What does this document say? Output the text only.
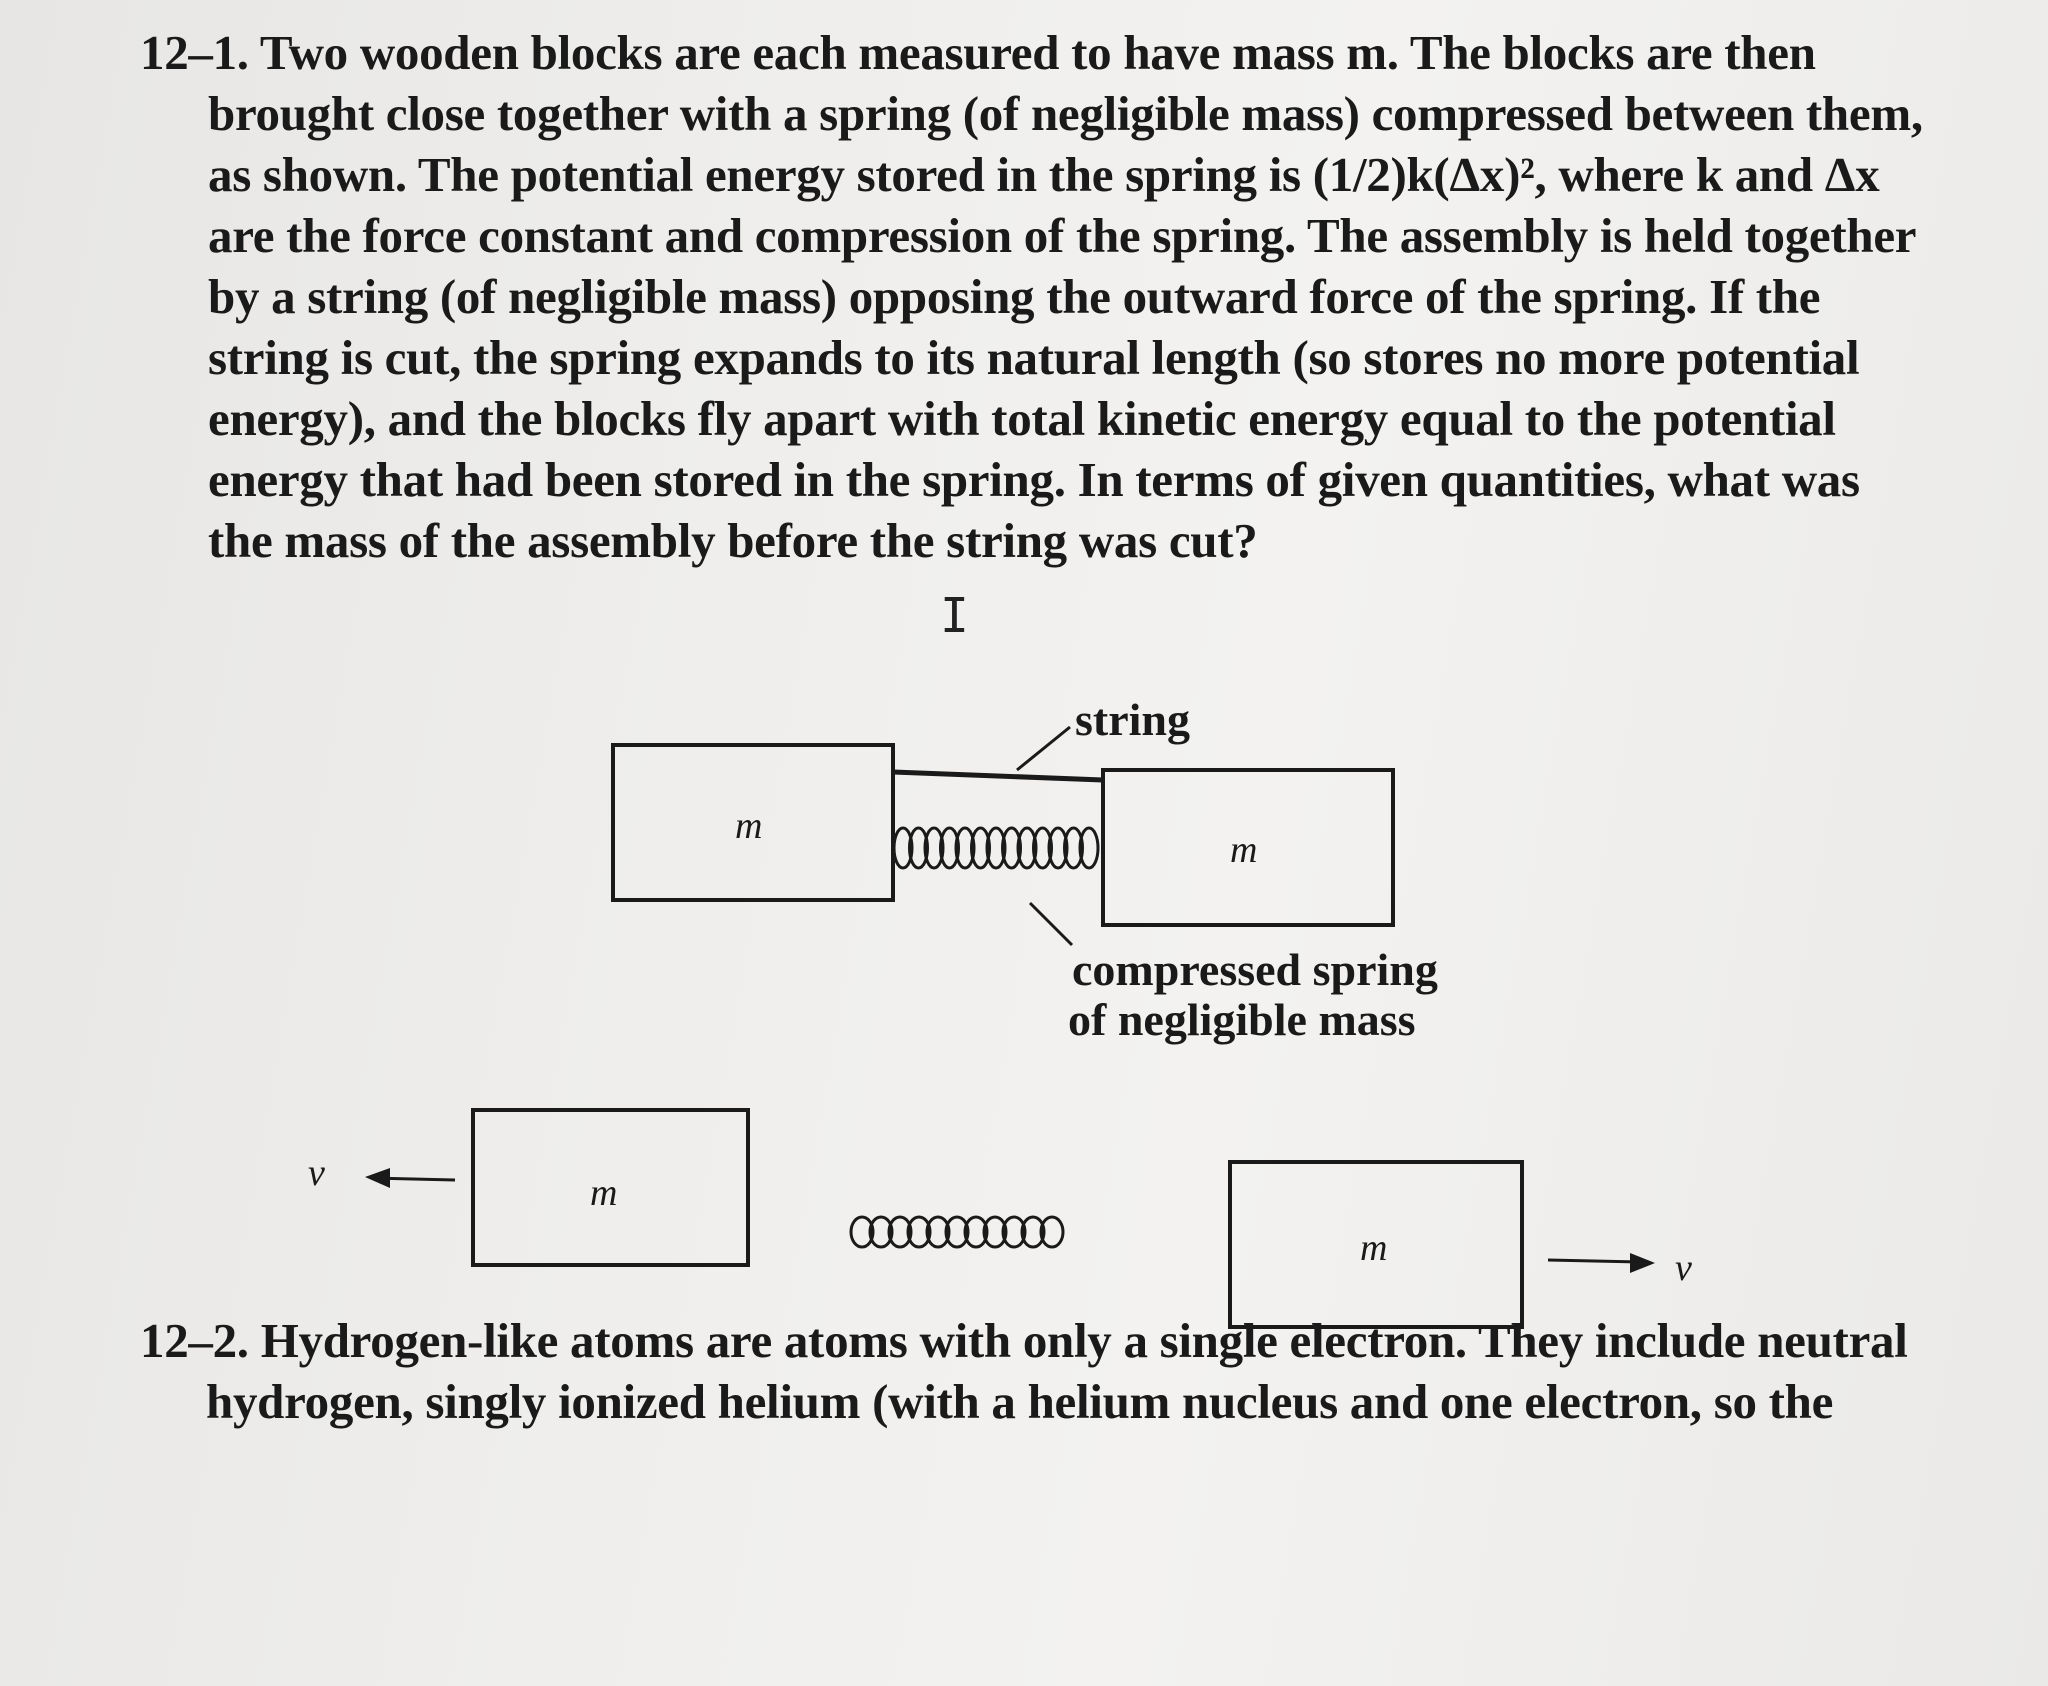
12–1. Two wooden blocks are each measured to have mass m. The blocks are then
brought close together with a spring (of negligible mass) compressed between them,
as shown. The potential energy stored in the spring is (1/2)k(Δx)², where k and Δx
are the force constant and compression of the spring. The assembly is held together
by a string (of negligible mass) opposing the outward force of the spring. If the
string is cut, the spring expands to its natural length (so stores no more potential
energy), and the blocks fly apart with total kinetic energy equal to the potential
energy that had been stored in the spring. In terms of given quantities, what was
the mass of the assembly before the string was cut?
I
m
m
string
compressed spring
of negligible mass
v	m
m	v
12–2. Hydrogen-like atoms are atoms with only a single electron. They include neutral
hydrogen, singly ionized helium (with a helium nucleus and one electron, so the
